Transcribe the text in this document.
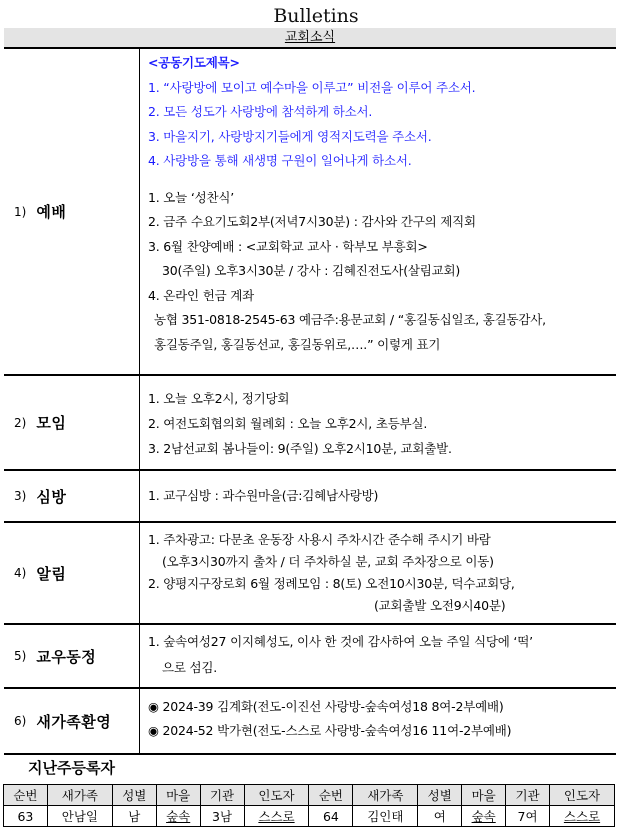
Bulletins
교회소식
1) 예배
<공동기도제목>
1. “사랑방에 모이고 예수마을 이루고” 비전을 이루어 주소서.
2. 모든 성도가 사랑방에 참석하게 하소서.
3. 마을지기, 사랑방지기들에게 영적지도력을 주소서.
4. 사랑방을 통해 새생명 구원이 일어나게 하소서.
1. 오늘 ‘성찬식’
2. 금주 수요기도회2부(저녁7시30분) : 감사와 간구의 제직회
3. 6월 찬양예배 : <교회학교 교사 · 학부모 부흥회>
30(주일) 오후3시30분 / 강사 : 김혜진전도사(살림교회)
4. 온라인 헌금 계좌
농협 351-0818-2545-63 예금주:용문교회 / “홍길동십일조, 홍길동감사,
홍길동주일, 홍길동선교, 홍길동위로,….” 이렇게 표기
2) 모임
1. 오늘 오후2시, 정기당회
2. 여전도회협의회 월례회 : 오늘 오후2시, 초등부실.
3. 2남선교회 봄나들이: 9(주일) 오후2시10분, 교회출발.
3) 심방	1. 교구심방 : 과수원마을(금:김혜남사랑방)
4) 알림
1. 주차광고: 다문초 운동장 사용시 주차시간 준수해 주시기 바람
(오후3시30까지 출차 / 더 주차하실 분, 교회 주차장으로 이동)
2. 양평지구장로회 6월 정례모임 : 8(토) 오전10시30분, 덕수교회당,
(교회출발 오전9시40분)
5) 교우동정
1. 숲속여성27 이지혜성도, 이사 한 것에 감사하여 오늘 주일 식당에 ‘떡’
으로 섬김.
6) 새가족환영
◉ 2024-39 김계화(전도-이진선 사랑방-숲속여성18 8여-2부예배)
◉ 2024-52 박가현(전도-스스로 사랑방-숲속여성16 11여-2부예배)
지난주등록자
순번	새가족	성별	마을	기관	인도자	순번	새가족	성별	마을	기관	인도자
63	안남일	남	숲속	3남	스스로	64	김인태	여	숲속	7여	스스로
